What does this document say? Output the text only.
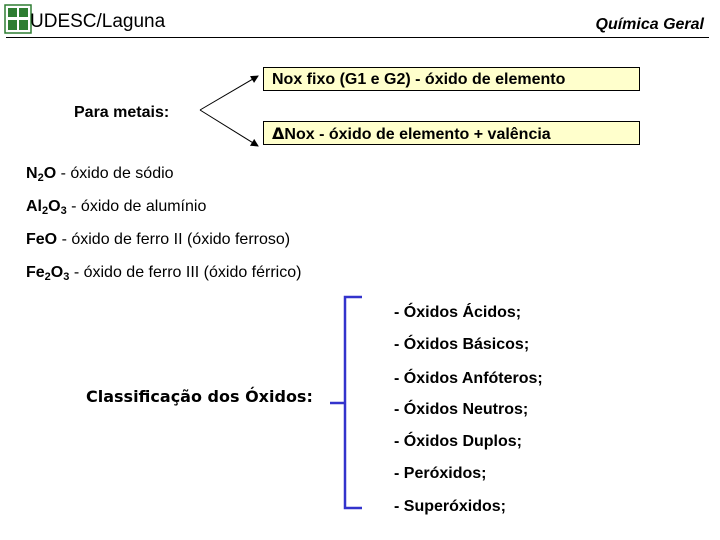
UDESC/Laguna	Química Geral
Para metais:
Nox fixo (G1 e G2) - óxido de elemento
ΔNox - óxido de elemento + valência
$N_2O$ - óxido de sódio
$Al_2O_3$ - óxido de alumínio
FeO - óxido de ferro II (óxido ferroso)
$Fe_2O_3$ - óxido de ferro III (óxido férrico)
Classificação dos Óxidos:
- Óxidos Ácidos;
- Óxidos Básicos;
- Óxidos Anfóteros;
- Óxidos Neutros;
- Óxidos Duplos;
- Peróxidos;
- Superóxidos;
